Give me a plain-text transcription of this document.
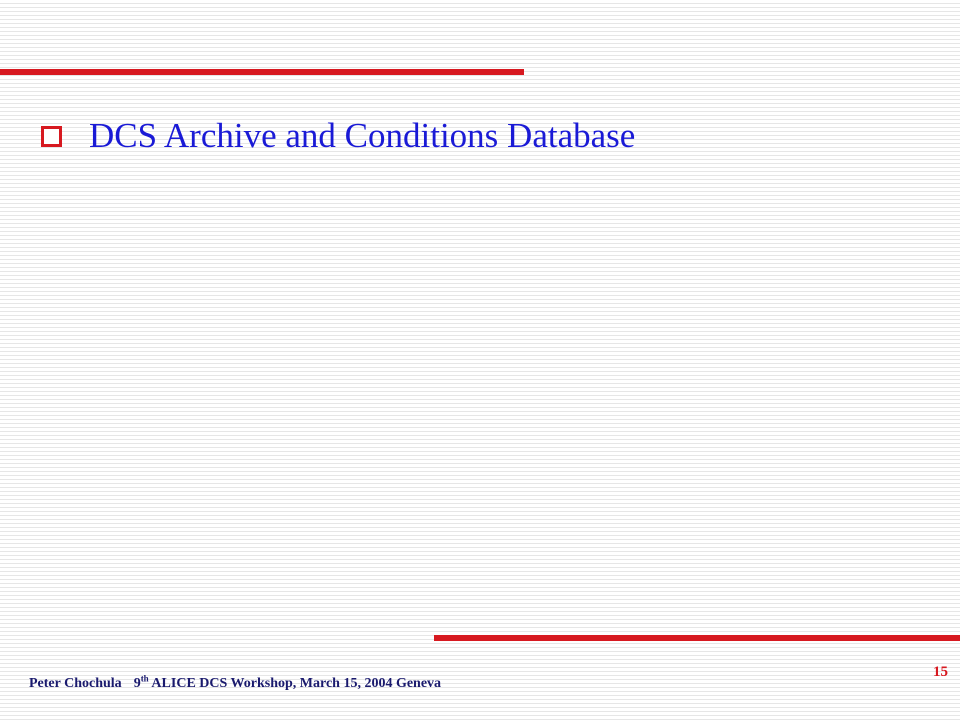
DCS Archive and Conditions Database
Peter Chochula 9th ALICE DCS Workshop, March 15, 2004 Geneva
15
